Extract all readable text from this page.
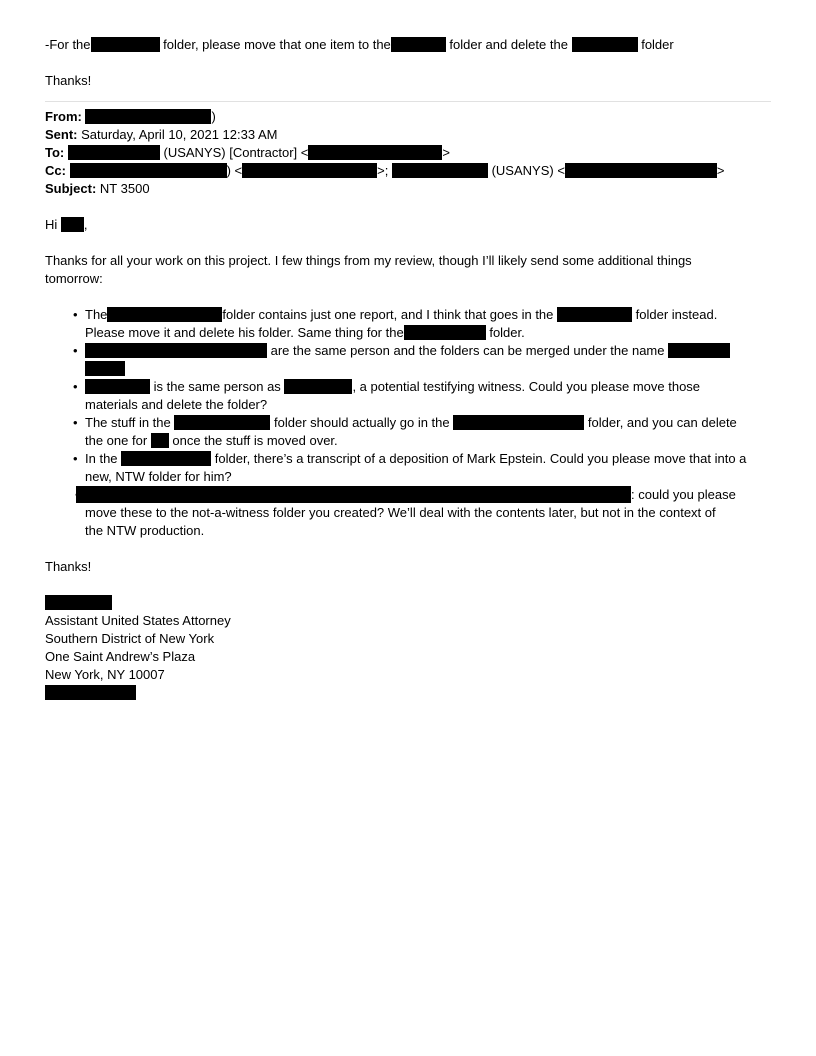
-For the	folder, please move that one item to the	folder and delete the	folder

Thanks!

From:	)
Sent: Saturday, April 10, 2021 12:33 AM
To:	(USANYS) [Contractor] <	>
Cc:	) <	>;	(USANYS) <	>
Subject: NT 3500
Hi ,
Thanks for all your work on this project. I few things from my review, though I’ll likely send some additional things
tomorrow:
• The	folder contains just one report, and I think that goes in the	folder instead.
Please move it and delete his folder. Same thing for the	folder.
• are the same person and the folders can be merged under the name
• is the same person as	, a potential testifying witness. Could you please move those
materials and delete the folder?
• The stuff in the	folder should actually go in the	folder, and you can delete
the one for once the stuff is moved over.
• In the	folder, there’s a transcript of a deposition of Mark Epstein. Could you please move that into a
new, NTW folder for him?
• : could you please
move these to the not-a-witness folder you created? We’ll deal with the contents later, but not in the context of
the NTW production.

Thanks!

Assistant United States Attorney
Southern District of New York
One Saint Andrew’s Plaza
New York, NY 10007
